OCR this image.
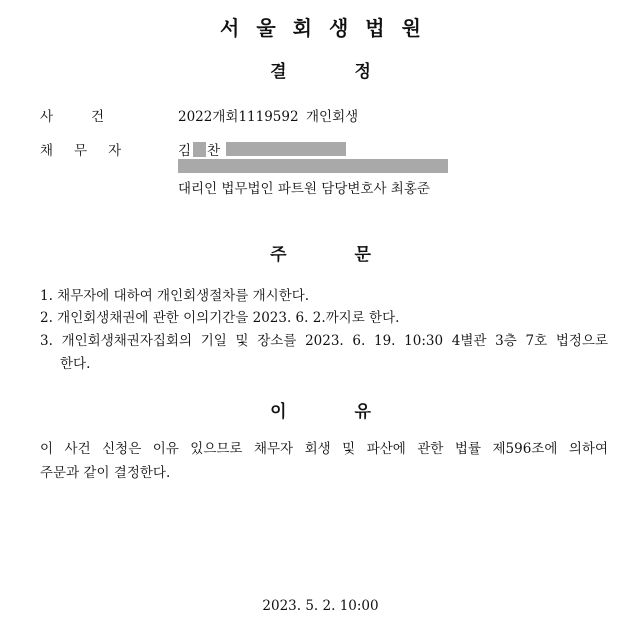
서울회생법원
결정
사건	2022개회1119592 개인회생
채무자	김 찬
대리인 법무법인 파트원 담당변호사 최홍준
주문
1. 채무자에 대하여 개인회생절차를 개시한다.
2. 개인회생채권에 관한 이의기간을 2023. 6. 2.까지로 한다.
3. 개인회생채권자집회의 기일 및 장소를 2023. 6. 19. 10:30 4별관 3층 7호 법정으로
한다.
이유
이 사건 신청은 이유 있으므로 채무자 회생 및 파산에 관한 법률 제596조에 의하여
주문과 같이 결정한다.
2023. 5. 2. 10:00
